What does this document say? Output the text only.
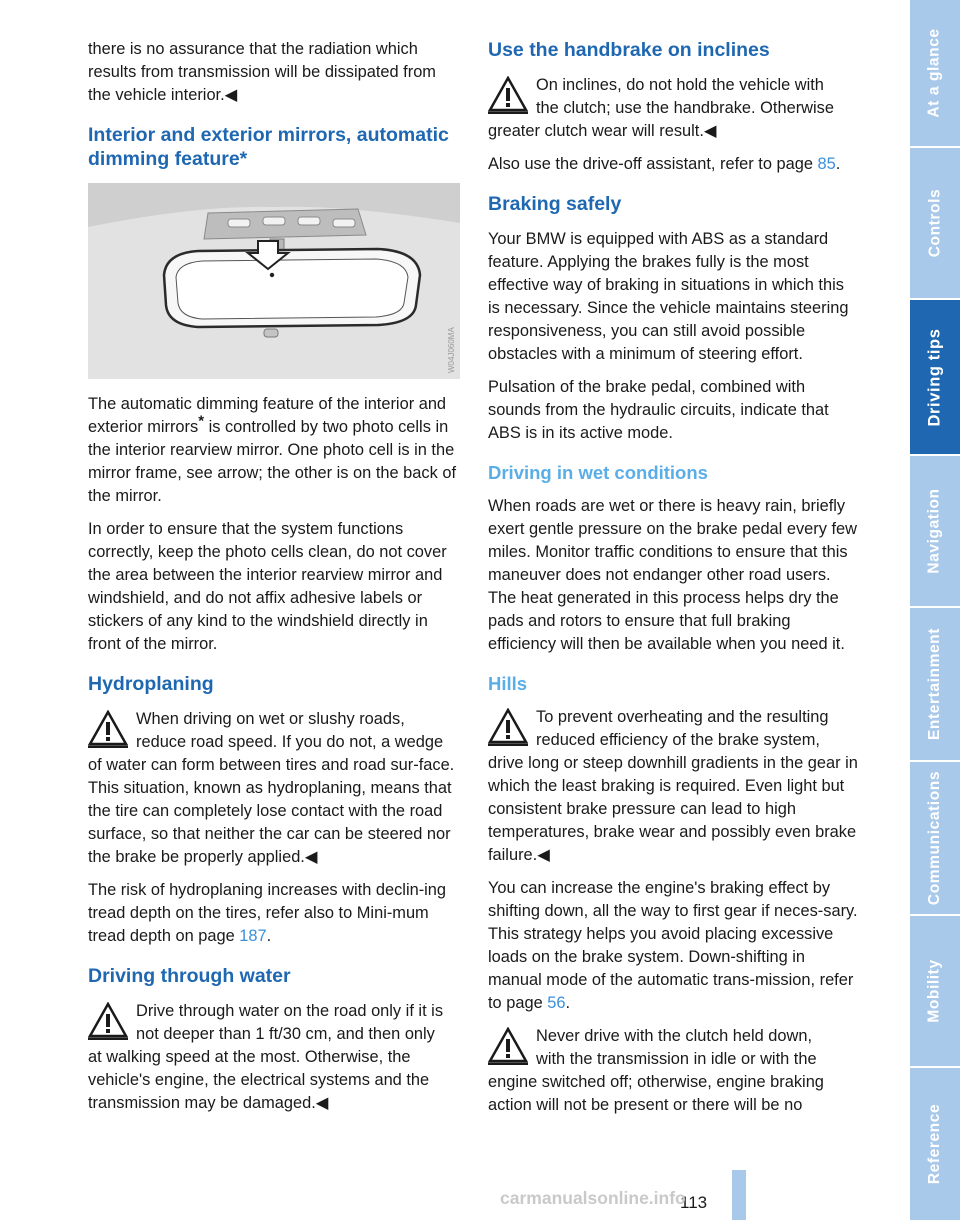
there is no assurance that the radiation which results from transmission will be dissipated from the vehicle interior.◀

Interior and exterior mirrors, automatic dimming feature*
W04J060MA

The automatic dimming feature of the interior and exterior mirrors* is controlled by two photo cells in the interior rearview mirror. One photo cell is in the mirror frame, see arrow; the other is on the back of the mirror.

In order to ensure that the system functions correctly, keep the photo cells clean, do not cover the area between the interior rearview mirror and windshield, and do not affix adhesive labels or stickers of any kind to the windshield directly in front of the mirror.

Hydroplaning

When driving on wet or slushy roads,
reduce road speed. If you do not, a wedge
of water can form between tires and road sur-face. This situation, known as hydroplaning, means that the tire can completely lose contact with the road surface, so that neither the car can be steered nor the brake be properly applied.◀

The risk of hydroplaning increases with declin-ing tread depth on the tires, refer also to Mini-mum tread depth on page 187.

Driving through water

Drive through water on the road only if it is
not deeper than 1 ft/30 cm, and then only
at walking speed at the most. Otherwise, the vehicle's engine, the electrical systems and the transmission may be damaged.◀

Use the handbrake on inclines

On inclines, do not hold the vehicle with
the clutch; use the handbrake. Otherwise
greater clutch wear will result.◀

Also use the drive-off assistant, refer to page 85.

Braking safely

Your BMW is equipped with ABS as a standard feature. Applying the brakes fully is the most effective way of braking in situations in which this is necessary. Since the vehicle maintains steering responsiveness, you can still avoid possible obstacles with a minimum of steering effort.

Pulsation of the brake pedal, combined with sounds from the hydraulic circuits, indicate that ABS is in its active mode.

Driving in wet conditions

When roads are wet or there is heavy rain, briefly exert gentle pressure on the brake pedal every few miles. Monitor traffic conditions to ensure that this maneuver does not endanger other road users. The heat generated in this process helps dry the pads and rotors to ensure that full braking efficiency will then be available when you need it.

Hills

To prevent overheating and the resulting
reduced efficiency of the brake system,
drive long or steep downhill gradients in the gear in which the least braking is required. Even light but consistent brake pressure can lead to high temperatures, brake wear and possibly even brake failure.◀

You can increase the engine's braking effect by shifting down, all the way to first gear if neces-sary. This strategy helps you avoid placing excessive loads on the brake system. Down-shifting in manual mode of the automatic trans-mission, refer to page 56.

Never drive with the clutch held down,
with the transmission in idle or with the
engine switched off; otherwise, engine braking action will not be present or there will be no

At a glance
Controls
Driving tips
Navigation
Entertainment
Communications
Mobility
Reference
113
carmanualsonline.info
